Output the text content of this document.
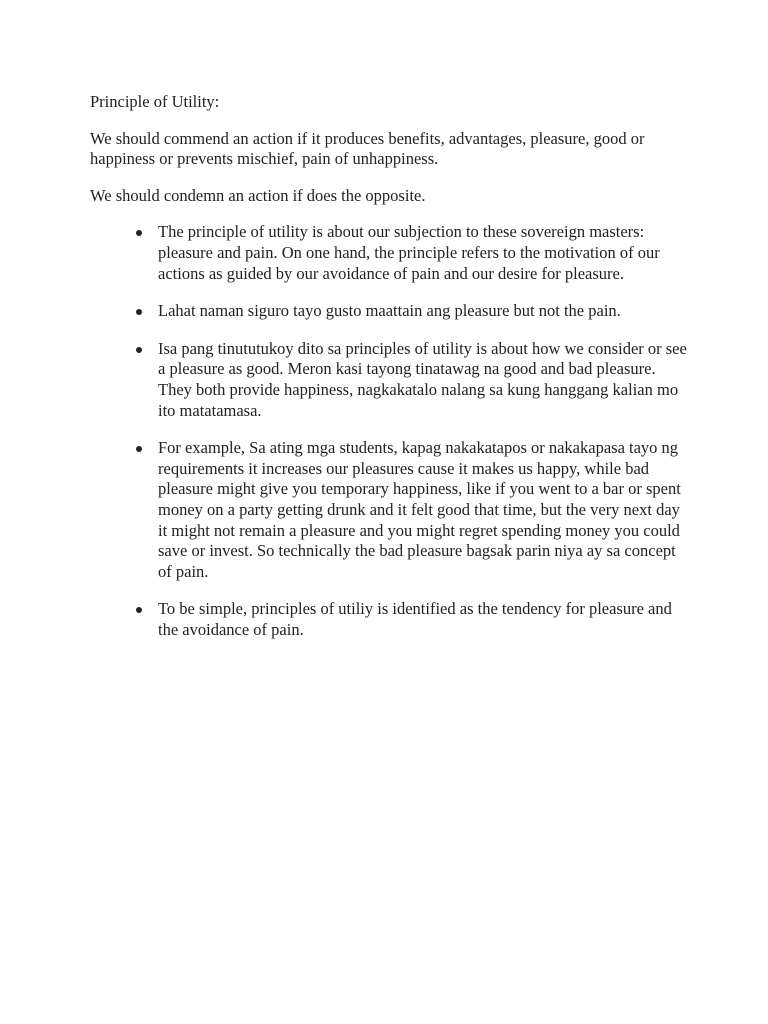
Principle of Utility:

We should commend an action if it produces benefits, advantages, pleasure, good or happiness or prevents mischief, pain of unhappiness.

We should condemn an action if does the opposite.

The principle of utility is about our subjection to these sovereign masters: pleasure and pain. On one hand, the principle refers to the motivation of our actions as guided by our avoidance of pain and our desire for pleasure.
Lahat naman siguro tayo gusto maattain ang pleasure but not the pain.
Isa pang tinututukoy dito sa principles of utility is about how we consider or see a pleasure as good. Meron kasi tayong tinatawag na good and bad pleasure. They both provide happiness, nagkakatalo nalang sa kung hanggang kalian mo ito matatamasa.
For example, Sa ating mga students, kapag nakakatapos or nakakapasa tayo ng requirements it increases our pleasures cause it makes us happy, while bad pleasure might give you temporary happiness, like if you went to a bar or spent money on a party getting drunk and it felt good that time, but the very next day it might not remain a pleasure and you might regret spending money you could save or invest. So technically the bad pleasure bagsak parin niya ay sa concept of pain.
To be simple, principles of utiliy is identified as the tendency for pleasure and the avoidance of pain.
